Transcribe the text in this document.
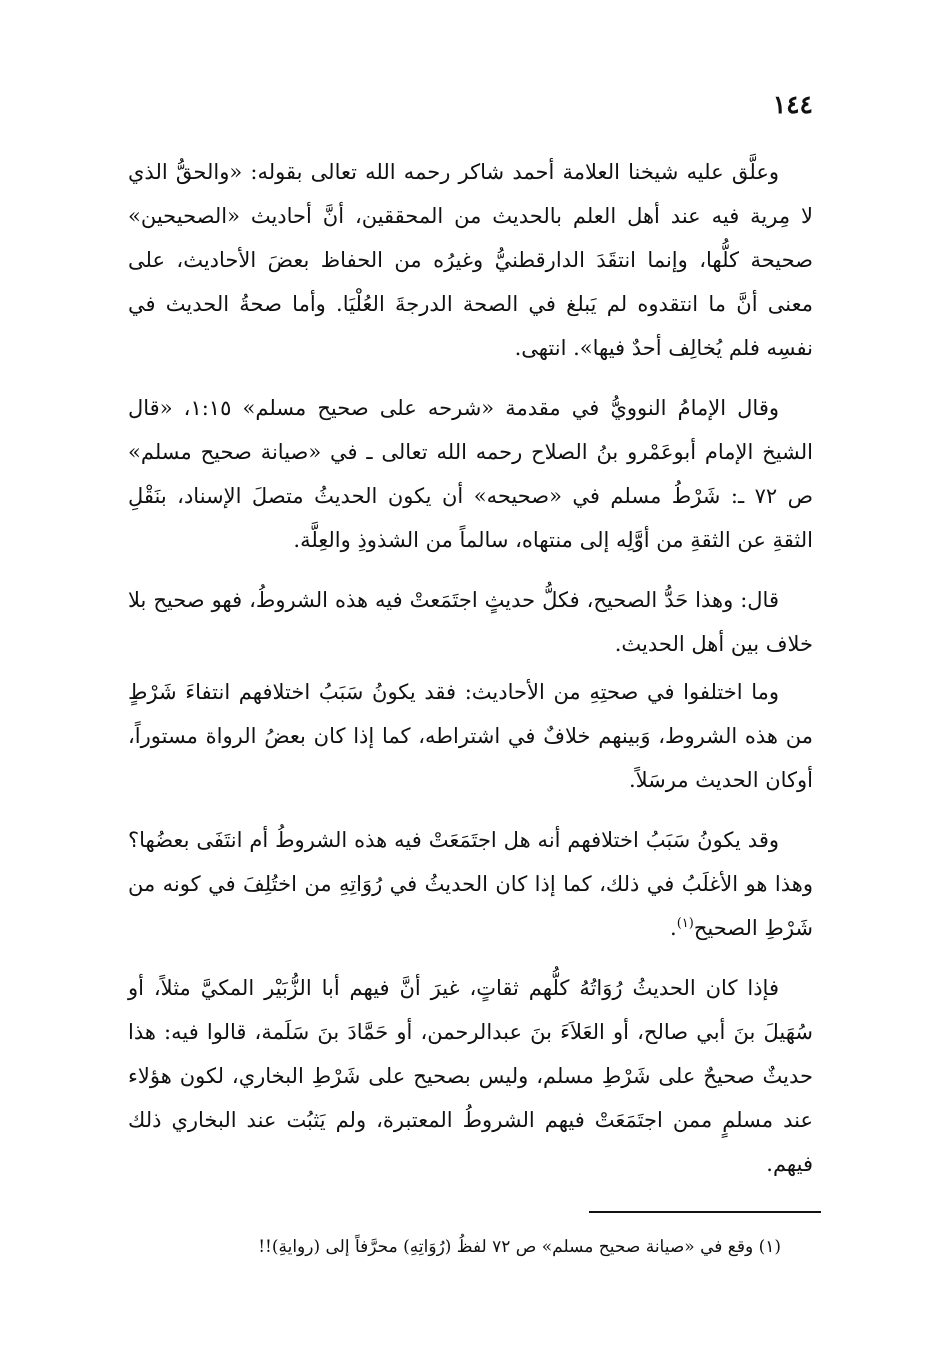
١٤٤

وعلَّق عليه شيخنا العلامة أحمد شاكر رحمه الله تعالى بقوله: «والحقُّ الذي لا مِرية فيه عند أهل العلم بالحديث من المحققين، أنَّ أحاديث «الصحيحين» صحيحة كلُّها، وإنما انتقَدَ الدارقطنيُّ وغيرُه من الحفاظ بعضَ الأحاديث، على معنى أنَّ ما انتقدوه لم يَبلغ في الصحة الدرجةَ العُلْيَا. وأما صحةُ الحديث في نفسِه فلم يُخالِف أحدٌ فيها». انتهى.

وقال الإمامُ النوويُّ في مقدمة «شرحه على صحيح مسلم» ١:١٥، «قال الشيخ الإمام أبوعَمْرو بنُ الصلاح رحمه الله تعالى ـ في «صيانة صحيح مسلم» ص ٧٢ ـ: شَرْطُ مسلم في «صحيحه» أن يكون الحديثُ متصلَ الإسناد، بنَقْلِ الثقةِ عن الثقةِ من أوَّلِه إلى منتهاه، سالماً من الشذوذِ والعِلَّة.

قال: وهذا حَدُّ الصحيح، فكلُّ حديثٍ اجتَمَعتْ فيه هذه الشروطُ، فهو صحيح بلا خلاف بين أهل الحديث.

وما اختلفوا في صحتِهِ من الأحاديث: فقد يكونُ سَبَبُ اختلافهم انتفاءَ شَرْطٍ من هذه الشروط، وَبينهم خلافٌ في اشتراطه، كما إذا كان بعضُ الرواة مستوراً، أوكان الحديث مرسَلاً.

وقد يكونُ سَبَبُ اختلافهم أنه هل اجتَمَعَتْ فيه هذه الشروطُ أم انتَفَى بعضُها؟ وهذا هو الأغلَبُ في ذلك، كما إذا كان الحديثُ في رُوَاتِهِ من اختُلِفَ في كونه من شَرْطِ الصحيح$^{(١)}$.

فإذا كان الحديثُ رُوَاتُهُ كلُّهم ثقاتٍ، غيرَ أنَّ فيهم أبا الزُّبَيْر المكيَّ مثلاً، أو سُهَيلَ بنَ أبي صالح، أو العَلاَءَ بنَ عبدالرحمن، أو حَمَّادَ بنَ سَلَمة، قالوا فيه: هذا حديثٌ صحيحٌ على شَرْطِ مسلم، وليس بصحيح على شَرْطِ البخاري، لكون هؤلاء عند مسلمٍ ممن اجتَمَعَتْ فيهم الشروطُ المعتبرة، ولم يَثبُت عند البخاري ذلك فيهم.

(١) وقع في «صيانة صحيح مسلم» ص ٧٢ لفظُ (رُوَاتِهِ) محرَّفاً إلى (روايةِ)!!
